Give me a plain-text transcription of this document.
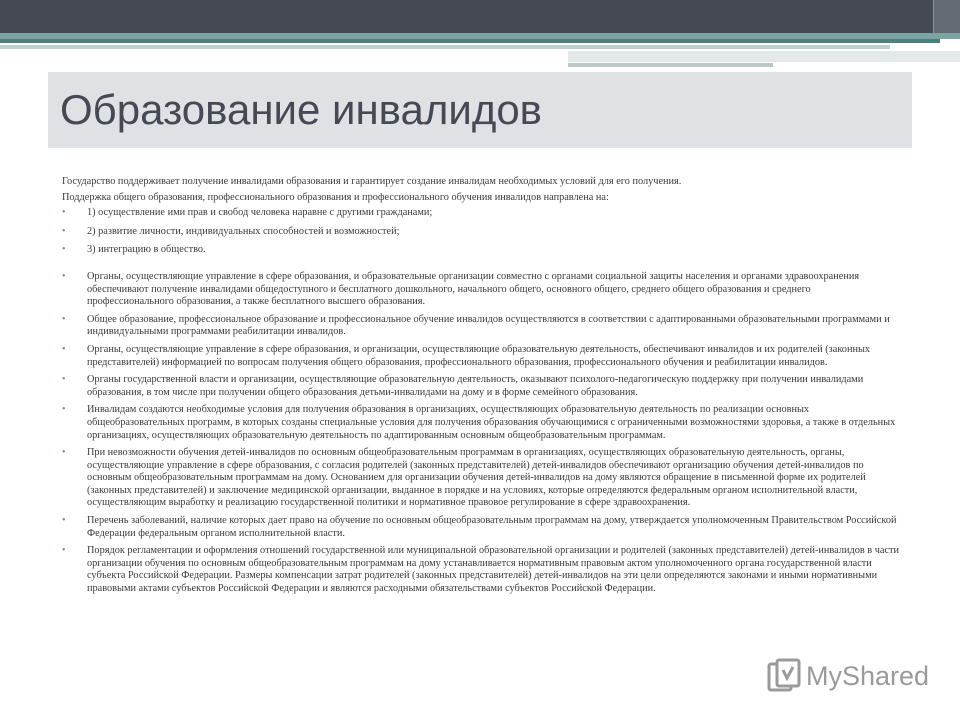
Образование инвалидов

Государство поддерживает получение инвалидами образования и гарантирует создание инвалидам необходимых условий для его получения.

Поддержка общего образования, профессионального образования и профессионального обучения инвалидов направлена на:

• 1) осуществление ими прав и свобод человека наравне с другими гражданами;
• 2) развитие личности, индивидуальных способностей и возможностей;
• 3) интеграцию в общество.
• Органы, осуществляющие управление в сфере образования, и образовательные организации совместно с органами социальной защиты населения и органами здравоохранения обеспечивают получение инвалидами общедоступного и бесплатного дошкольного, начального общего, основного общего, среднего общего образования и среднего профессионального образования, а также бесплатного высшего образования.
• Общее образование, профессиональное образование и профессиональное обучение инвалидов осуществляются в соответствии с адаптированными образовательными программами и индивидуальными программами реабилитации инвалидов.
• Органы, осуществляющие управление в сфере образования, и организации, осуществляющие образовательную деятельность, обеспечивают инвалидов и их родителей (законных представителей) информацией по вопросам получения общего образования, профессионального образования, профессионального обучения и реабилитации инвалидов.
• Органы государственной власти и организации, осуществляющие образовательную деятельность, оказывают психолого-педагогическую поддержку при получении инвалидами образования, в том числе при получении общего образования детьми-инвалидами на дому и в форме семейного образования.
• Инвалидам создаются необходимые условия для получения образования в организациях, осуществляющих образовательную деятельность по реализации основных общеобразовательных программ, в которых созданы специальные условия для получения образования обучающимися с ограниченными возможностями здоровья, а также в отдельных организациях, осуществляющих образовательную деятельность по адаптированным основным общеобразовательным программам.
• При невозможности обучения детей-инвалидов по основным общеобразовательным программам в организациях, осуществляющих образовательную деятельность, органы, осуществляющие управление в сфере образования, с согласия родителей (законных представителей) детей-инвалидов обеспечивают организацию обучения детей-инвалидов по основным общеобразовательным программам на дому. Основанием для организации обучения детей-инвалидов на дому являются обращение в письменной форме их родителей (законных представителей) и заключение медицинской организации, выданное в порядке и на условиях, которые определяются федеральным органом исполнительной власти, осуществляющим выработку и реализацию государственной политики и нормативное правовое регулирование в сфере здравоохранения.
• Перечень заболеваний, наличие которых дает право на обучение по основным общеобразовательным программам на дому, утверждается уполномоченным Правительством Российской Федерации федеральным органом исполнительной власти.
• Порядок регламентации и оформления отношений государственной или муниципальной образовательной организации и родителей (законных представителей) детей-инвалидов в части организации обучения по основным общеобразовательным программам на дому устанавливается нормативным правовым актом уполномоченного органа государственной власти субъекта Российской Федерации. Размеры компенсации затрат родителей (законных представителей) детей-инвалидов на эти цели определяются законами и иными нормативными правовыми актами субъектов Российской Федерации и являются расходными обязательствами субъектов Российской Федерации.
MyShared
